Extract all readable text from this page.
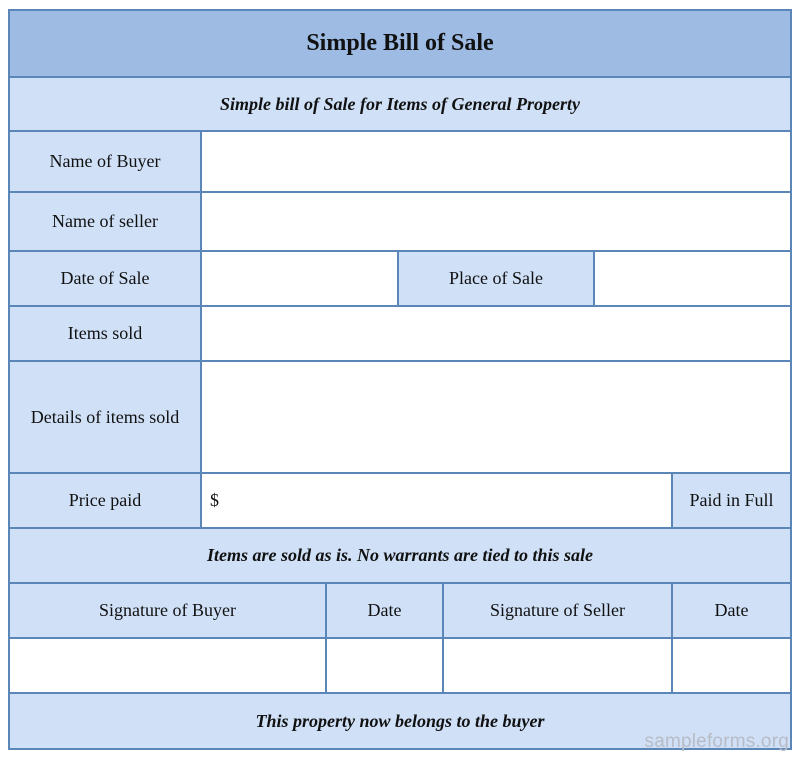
Simple Bill of Sale						
Simple bill of Sale for Items of General Property						
Name of Buyer						
Name of seller						
Date of Sale			Place of Sale			
Items sold						
Details of items sold						
Price paid	$					Paid in Full
Items are sold as is. No warrants are tied to this sale						
Signature of Buyer		Date		Signature of Seller		Date

This property now belongs to the buyer						
sampleforms.org
